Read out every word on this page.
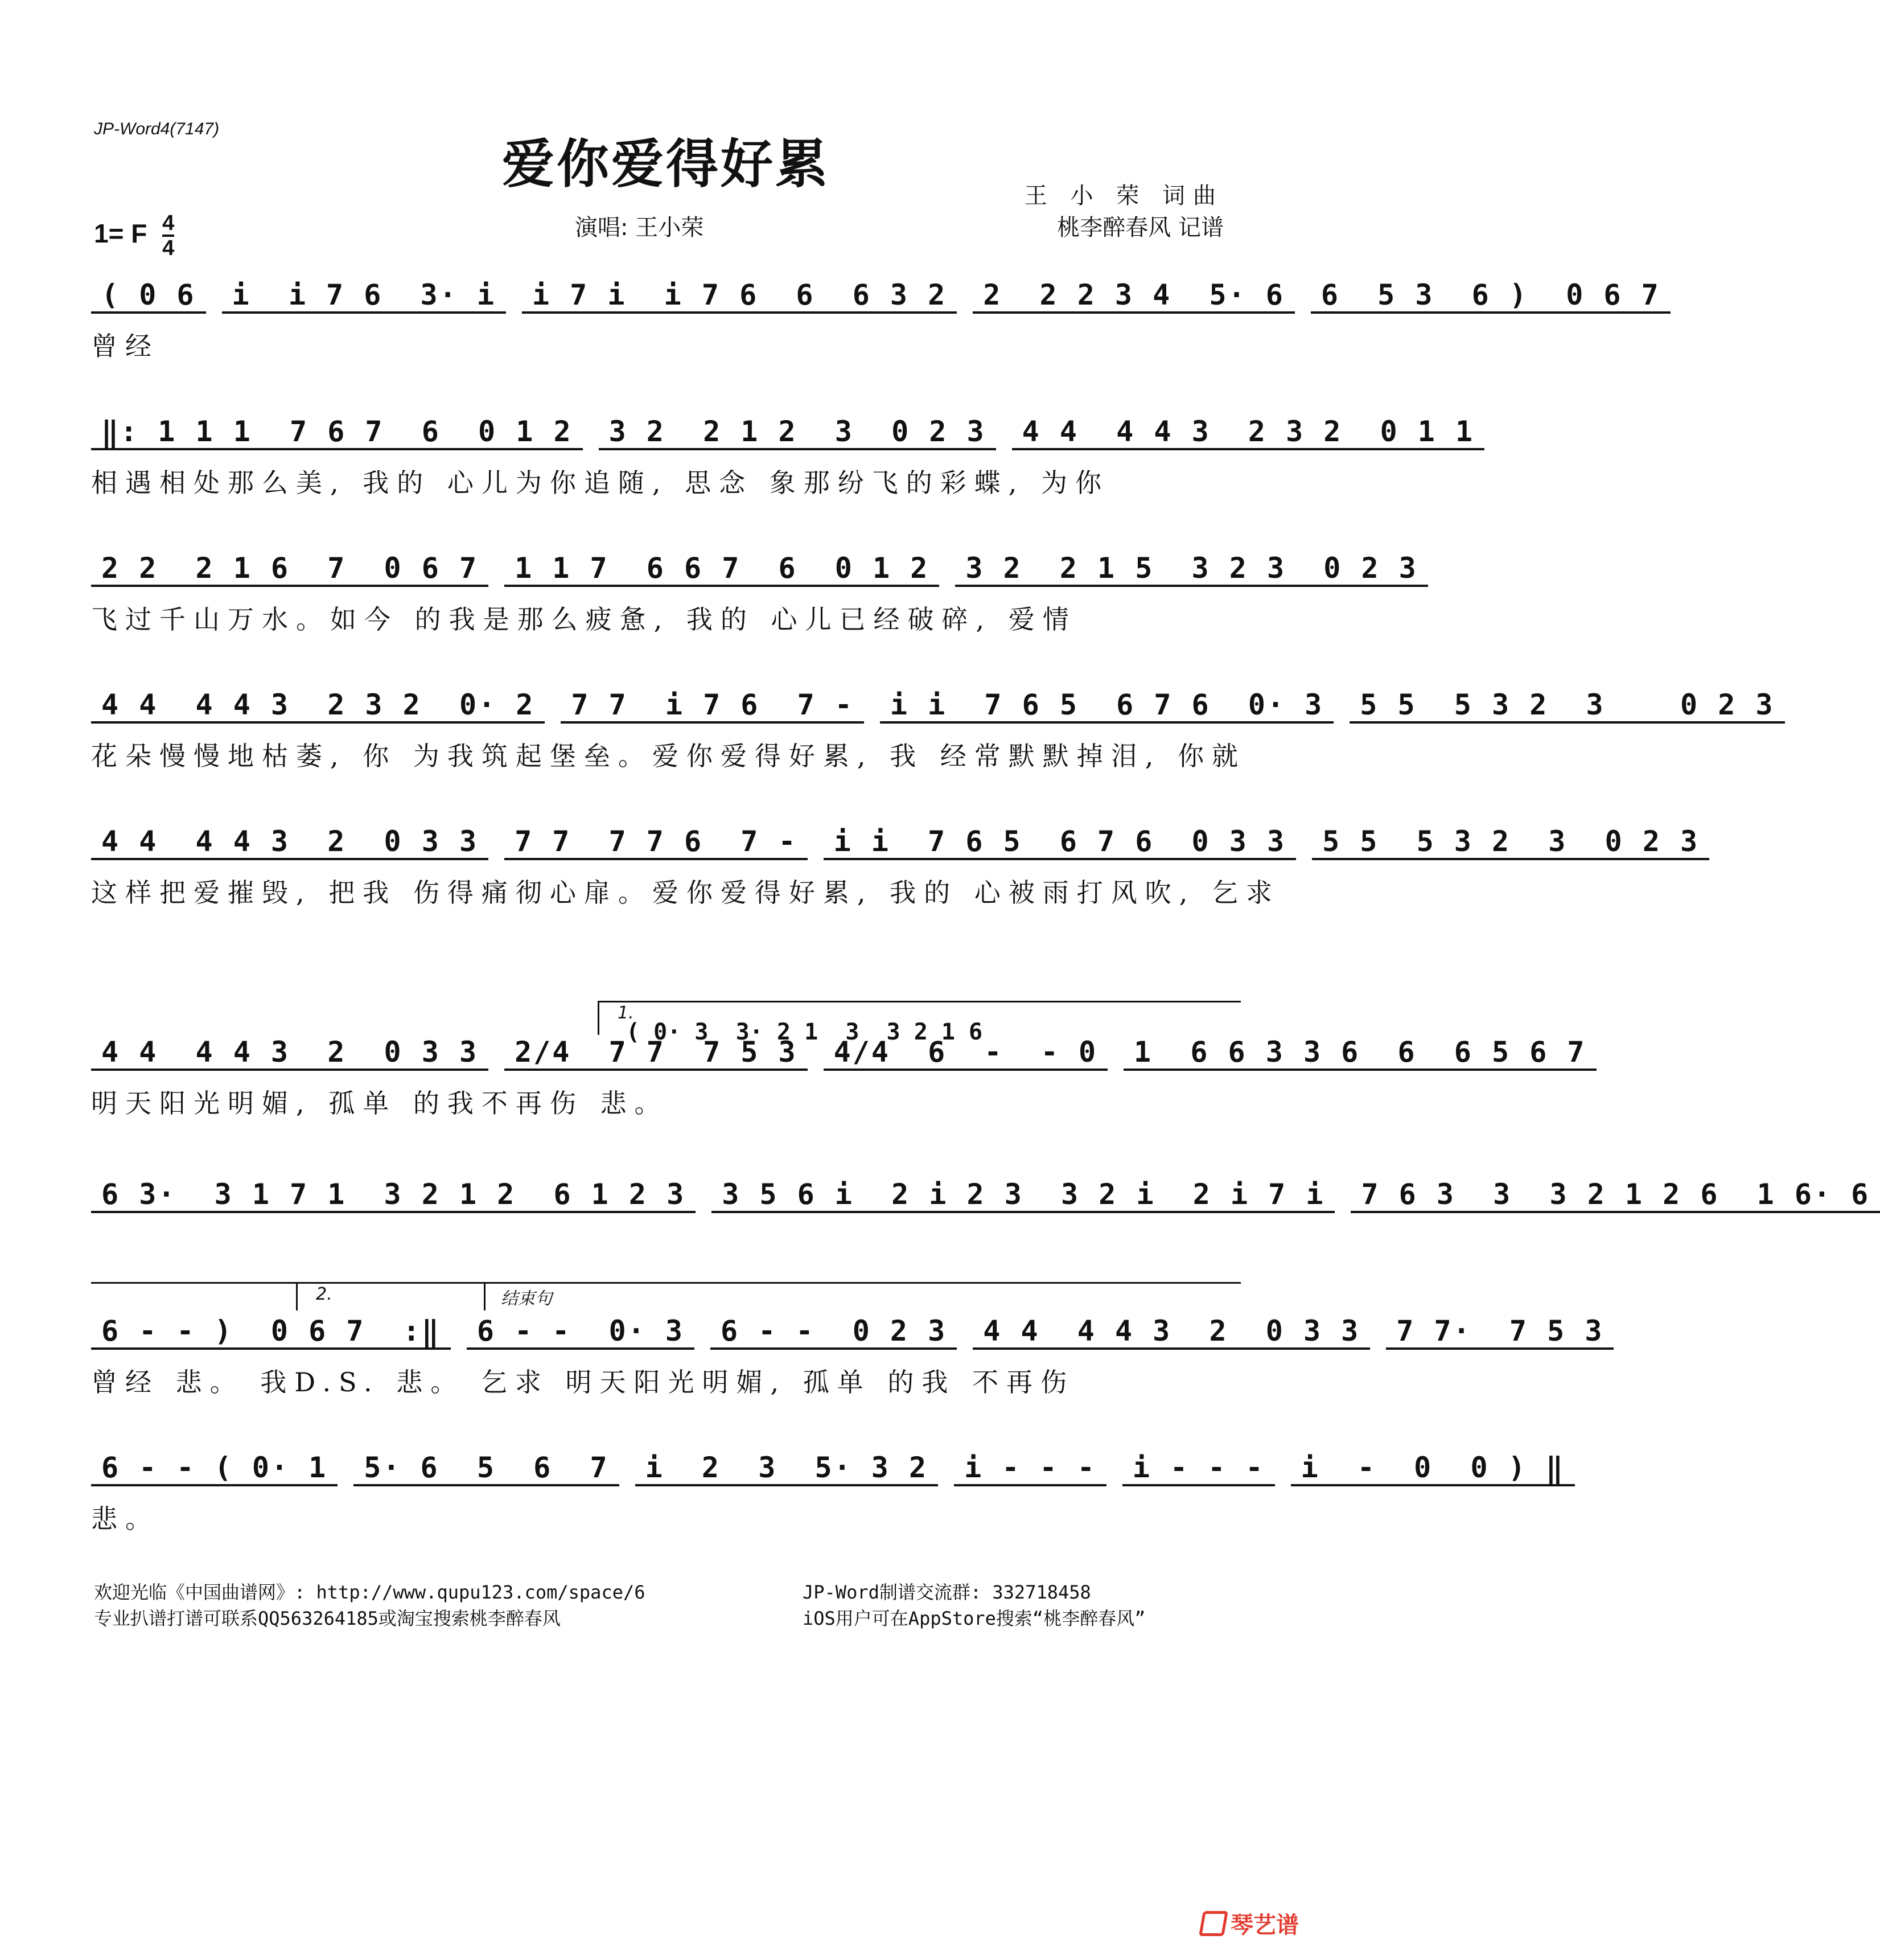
JP-Word4(7147)
爱你爱得好累
1= F $\frac{4}{4}$	演唱: 王小荣
王 小 荣 词曲
桃李醉春风 记谱
( 0 6	i  i 7 6  3· i	i 7 i  i 7 6  6  6 3 2	2  2 2 3 4  5· 6	6  5 3  6 )  0 6 7
曾经
‖: 1 1 1  7 6 7  6  0 1 2	3 2  2 1 2  3  0 2 3	4 4  4 4 3  2 3 2  0 1 1
相遇相处那么美, 我的 心儿为你追随, 思念 象那纷飞的彩蝶, 为你
2 2  2 1 6  7  0 6 7	1 1 7  6 6 7  6  0 1 2	3 2  2 1 5  3 2 3  0 2 3
飞过千山万水。如今 的我是那么疲惫, 我的 心儿已经破碎, 爱情
4 4  4 4 3  2 3 2  0· 2	7 7  i 7 6  7 -	i i  7 6 5  6 7 6  0· 3	5 5  5 3 2  3    0 2 3
花朵慢慢地枯萎, 你 为我筑起堡垒。爱你爱得好累, 我 经常默默掉泪, 你就
4 4  4 4 3  2  0 3 3	7 7  7 7 6  7 -	i i  7 6 5  6 7 6  0 3 3	5 5  5 3 2  3  0 2 3
这样把爱摧毁, 把我 伤得痛彻心扉。爱你爱得好累, 我的 心被雨打风吹, 乞求
4 4  4 4 3  2  0 3 3	2/4  7 7  7 5 3	4/4  6  -  - 0	1  6 6 3 3 6  6  6 5 6 7
明天阳光明媚, 孤单 的我不再伤 悲。
6 3·  3 1 7 1  3 2 1 2  6 1 2 3	3 5 6 i  2 i 2 3  3 2 i  2 i 7 i	7 6 3  3  3 2 1 2 6  1 6· 6
6 - - )  0 6 7  :‖	6 - -  0· 3	6 - -  0 2 3	4 4  4 4 3  2  0 3 3	7 7·  7 5 3
曾经 悲。 我D.S. 悲。 乞求 明天阳光明媚, 孤单 的我 不再伤
6 - - ( 0· 1	5· 6  5  6  7	i  2  3  5· 3 2	i - - -	i - - -	i  -  0  0 ) ‖
悲。
1.
( 0· 3  3· 2 1  3  3 2 1 6
2.	结束句
欢迎光临《中国曲谱网》: http://www.qupu123.com/space/6
专业扒谱打谱可联系QQ563264185或淘宝搜索桃李醉春风
JP-Word制谱交流群: 332718458
iOS用户可在AppStore搜索“桃李醉春风”
琴艺谱
